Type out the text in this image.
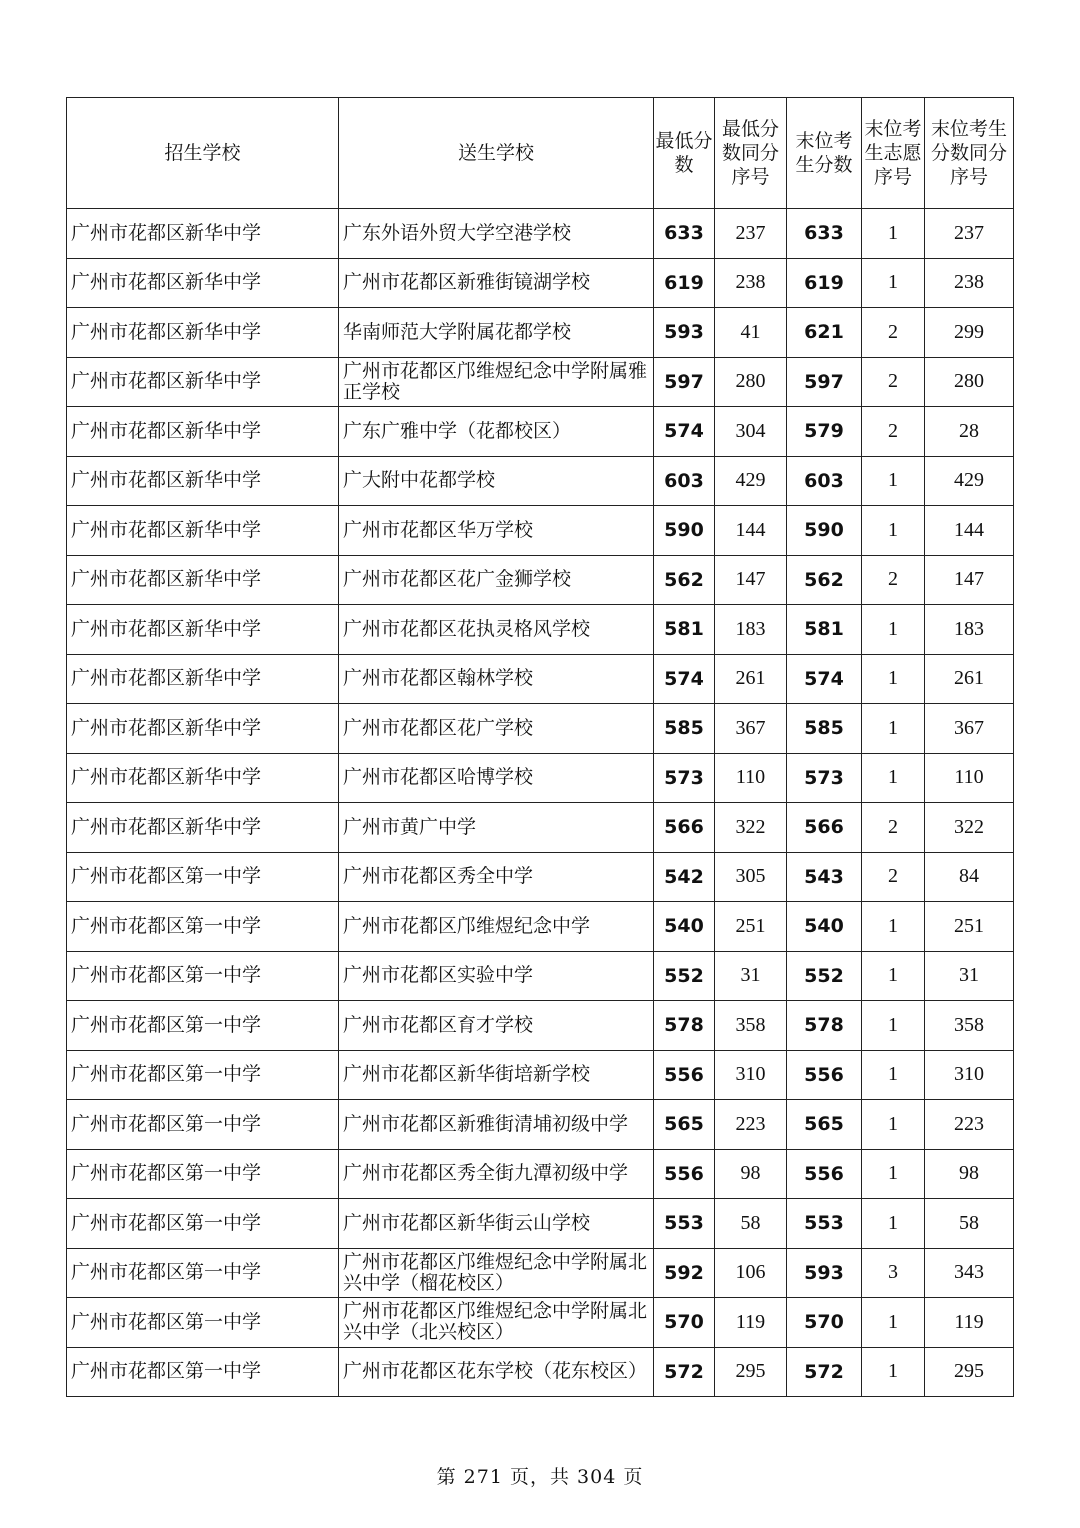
招生学校	送生学校	最低分数	最低分数同分序号	末位考生分数	末位考生志愿序号	末位考生分数同分序号

广州市花都区新华中学	广东外语外贸大学空港学校	633	237	633	1	237
广州市花都区新华中学	广州市花都区新雅街镜湖学校	619	238	619	1	238
广州市花都区新华中学	华南师范大学附属花都学校	593	41	621	2	299
广州市花都区新华中学	广州市花都区邝维煜纪念中学附属雅正学校	597	280	597	2	280
广州市花都区新华中学	广东广雅中学（花都校区）	574	304	579	2	28
广州市花都区新华中学	广大附中花都学校	603	429	603	1	429
广州市花都区新华中学	广州市花都区华万学校	590	144	590	1	144
广州市花都区新华中学	广州市花都区花广金狮学校	562	147	562	2	147
广州市花都区新华中学	广州市花都区花执灵格风学校	581	183	581	1	183
广州市花都区新华中学	广州市花都区翰林学校	574	261	574	1	261
广州市花都区新华中学	广州市花都区花广学校	585	367	585	1	367
广州市花都区新华中学	广州市花都区哈博学校	573	110	573	1	110
广州市花都区新华中学	广州市黄广中学	566	322	566	2	322
广州市花都区第一中学	广州市花都区秀全中学	542	305	543	2	84
广州市花都区第一中学	广州市花都区邝维煜纪念中学	540	251	540	1	251
广州市花都区第一中学	广州市花都区实验中学	552	31	552	1	31
广州市花都区第一中学	广州市花都区育才学校	578	358	578	1	358
广州市花都区第一中学	广州市花都区新华街培新学校	556	310	556	1	310
广州市花都区第一中学	广州市花都区新雅街清埔初级中学	565	223	565	1	223
广州市花都区第一中学	广州市花都区秀全街九潭初级中学	556	98	556	1	98
广州市花都区第一中学	广州市花都区新华街云山学校	553	58	553	1	58
广州市花都区第一中学	广州市花都区邝维煜纪念中学附属北兴中学（榴花校区）	592	106	593	3	343
广州市花都区第一中学	广州市花都区邝维煜纪念中学附属北兴中学（北兴校区）	570	119	570	1	119
广州市花都区第一中学	广州市花都区花东学校（花东校区）	572	295	572	1	295
第 271 页，共 304 页
